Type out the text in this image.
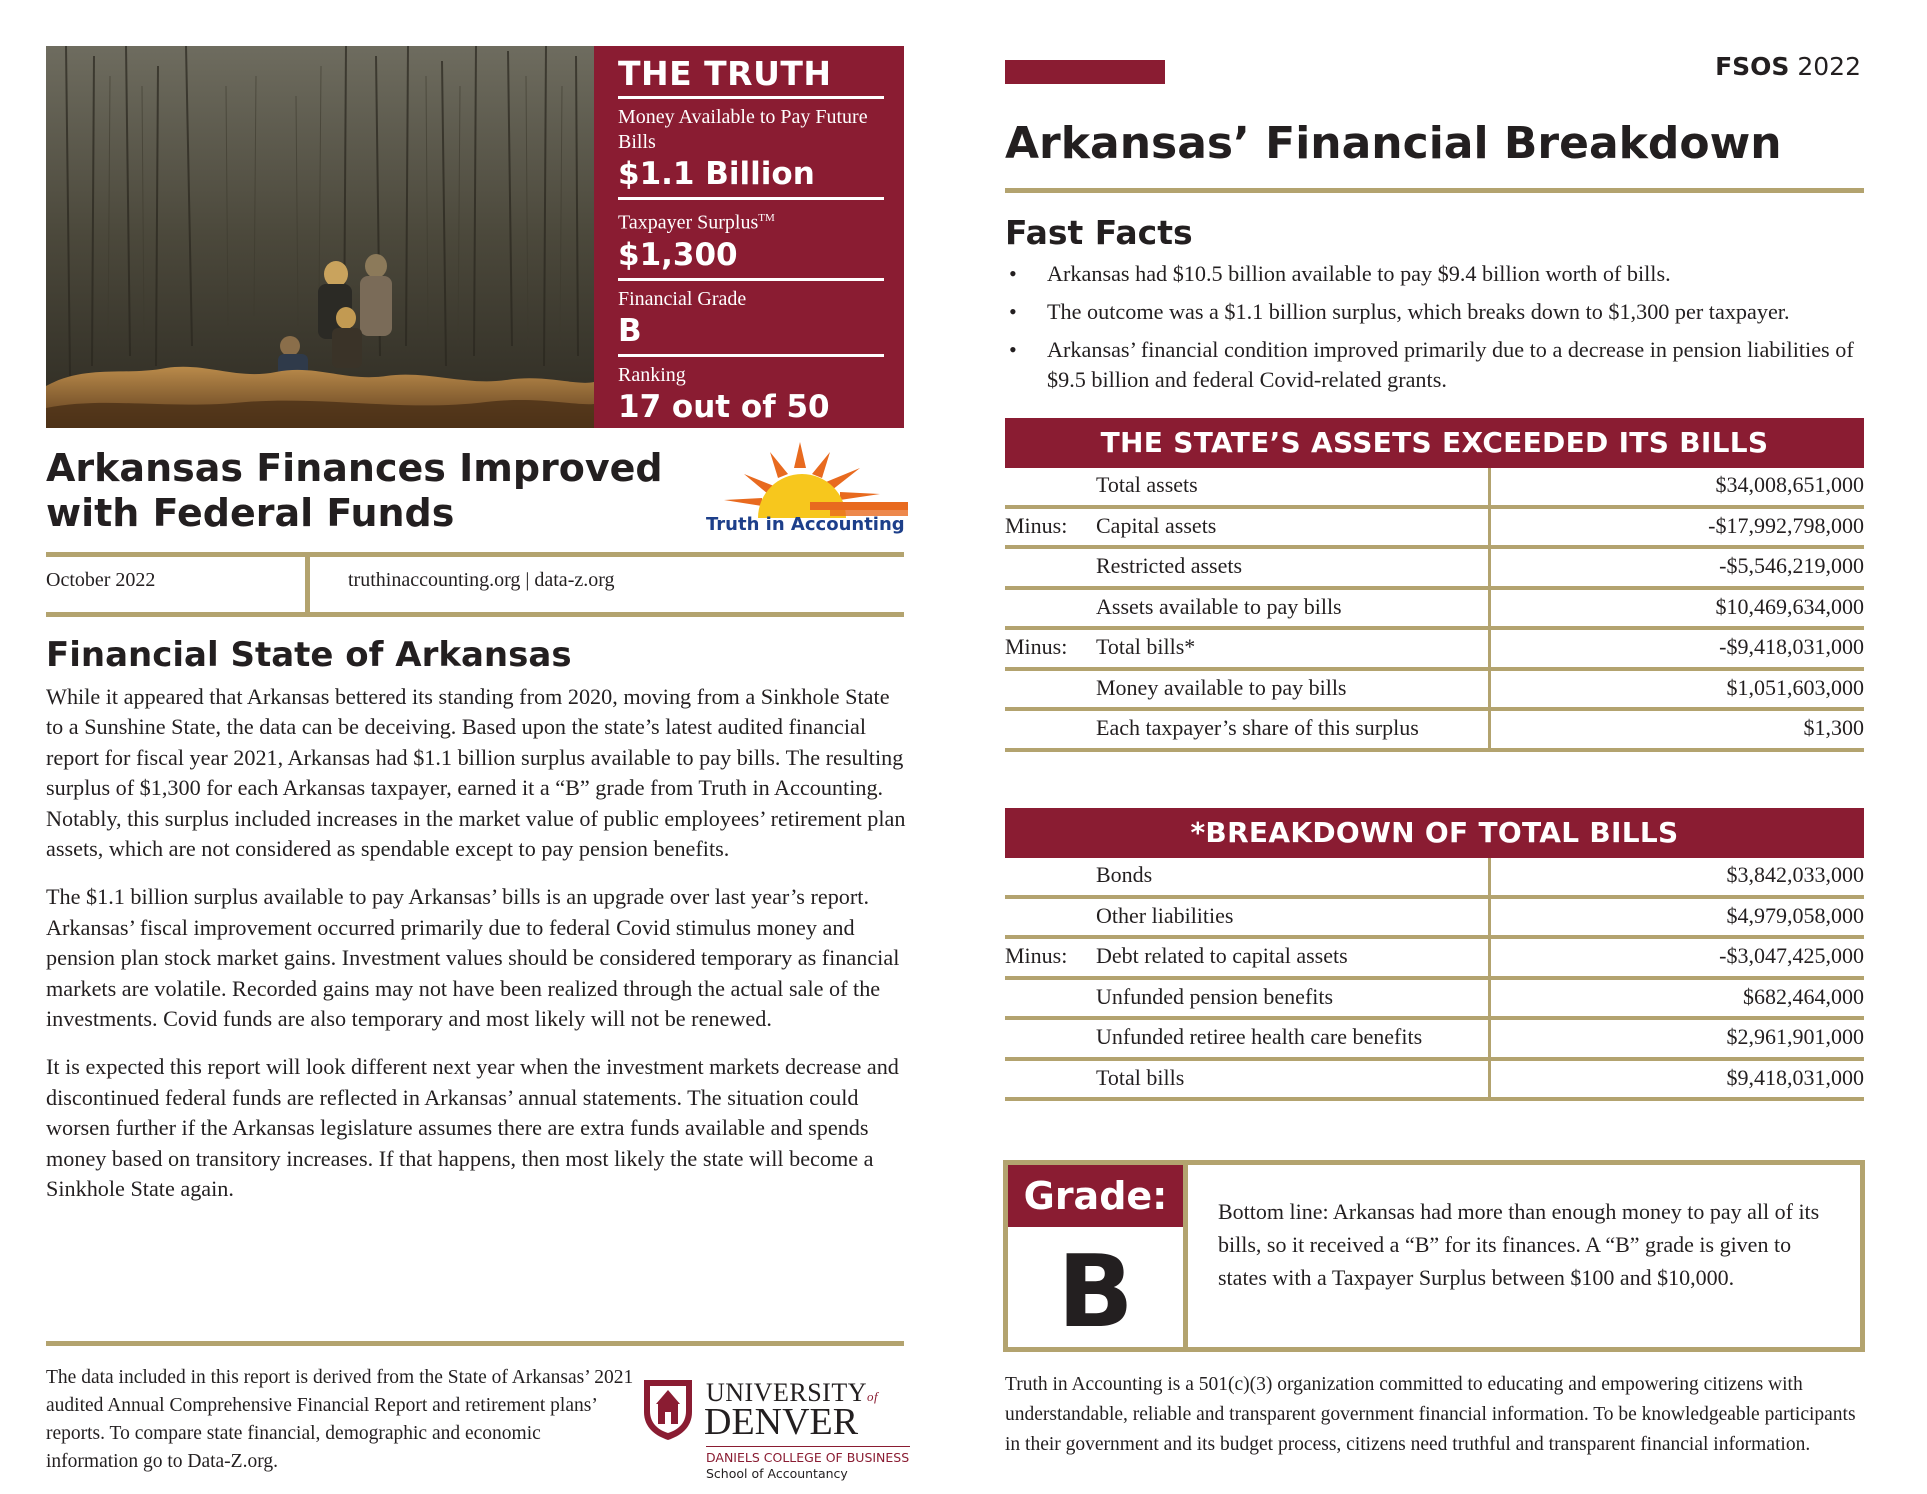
THE TRUTH
Money Available to Pay Future Bills
$1.1 Billion
Taxpayer Surplus™
$1,300
Financial Grade
B
Ranking
17 out of 50
Arkansas Finances Improved
with Federal Funds	Truth in Accounting
October 2022	truthinaccounting.org | data-z.org
Financial State of Arkansas

While it appeared that Arkansas bettered its standing from 2020, moving from a Sinkhole State to a Sunshine State, the data can be deceiving. Based upon the state’s latest audited financial report for fiscal year 2021, Arkansas had $1.1 billion surplus available to pay bills. The resulting surplus of $1,300 for each Arkansas taxpayer, earned it a “B” grade from Truth in Accounting. Notably, this surplus included increases in the market value of public employees’ retirement plan assets, which are not considered as spendable except to pay pension benefits.

The $1.1 billion surplus available to pay Arkansas’ bills is an upgrade over last year’s report. Arkansas’ fiscal improvement occurred primarily due to federal Covid stimulus money and pension plan stock market gains. Investment values should be considered temporary as financial markets are volatile. Recorded gains may not have been realized through the actual sale of the investments. Covid funds are also temporary and most likely will not be renewed.

It is expected this report will look different next year when the investment markets decrease and discontinued federal funds are reflected in Arkansas’ annual statements. The situation could worsen further if the Arkansas legislature assumes there are extra funds available and spends money based on transitory increases. If that happens, then most likely the state will become a Sinkhole State again.

The data included in this report is derived from the State of Arkansas’ 2021 audited Annual Comprehensive Financial Report and retirement plans’ reports. To compare state financial, demographic and economic information go to Data-Z.org.
UNIVERSITYof
DENVER
DANIELS COLLEGE OF BUSINESS
School of Accountancy
FSOS 2022
Arkansas’ Financial Breakdown
Fast Facts
• Arkansas had $10.5 billion available to pay $9.4 billion worth of bills.
• The outcome was a $1.1 billion surplus, which breaks down to $1,300 per taxpayer.
• Arkansas’ financial condition improved primarily due to a decrease in pension liabilities of $9.5 billion and federal Covid-related grants.
THE STATE’S ASSETS EXCEEDED ITS BILLS
Total assets	$34,008,651,000
Minus: Capital assets	-$17,992,798,000
Restricted assets	-$5,546,219,000
Assets available to pay bills	$10,469,634,000
Minus: Total bills*	-$9,418,031,000
Money available to pay bills	$1,051,603,000
Each taxpayer’s share of this surplus	$1,300
*BREAKDOWN OF TOTAL BILLS
Bonds	$3,842,033,000
Other liabilities	$4,979,058,000
Minus: Debt related to capital assets	-$3,047,425,000
Unfunded pension benefits	$682,464,000
Unfunded retiree health care benefits	$2,961,901,000
Total bills	$9,418,031,000
Grade:
B
Bottom line: Arkansas had more than enough money to pay all of its bills, so it received a “B” for its finances. A “B” grade is given to states with a Taxpayer Surplus between $100 and $10,000.
Truth in Accounting is a 501(c)(3) organization committed to educating and empowering citizens with understandable, reliable and transparent government financial information. To be knowledgeable participants in their government and its budget process, citizens need truthful and transparent financial information.
